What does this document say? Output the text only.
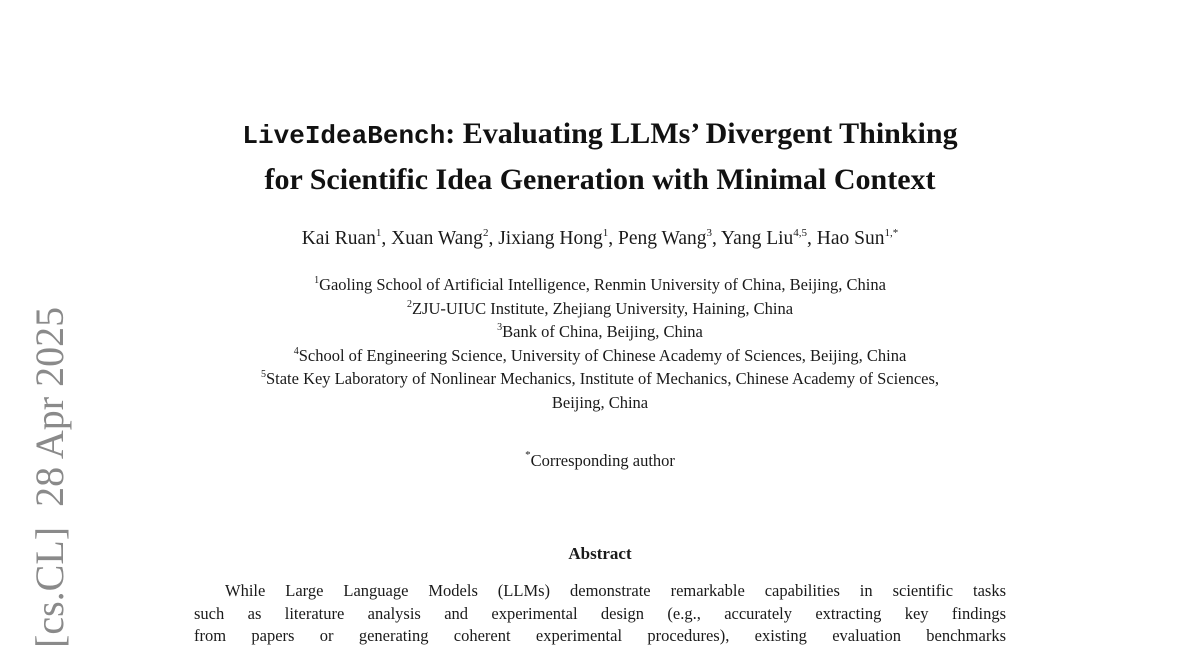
[cs.CL]28 Apr 2025
LiveIdeaBench: Evaluating LLMs’ Divergent Thinking
for Scientific Idea Generation with Minimal Context
Kai Ruan$^1$, Xuan Wang$^2$, Jixiang Hong$^1$, Peng Wang$^3$, Yang Liu$^{4,5}$, Hao Sun$^{1,*}$
$^1$Gaoling School of Artificial Intelligence, Renmin University of China, Beijing, China
$^2$ZJU-UIUC Institute, Zhejiang University, Haining, China
$^3$Bank of China, Beijing, China
$^4$School of Engineering Science, University of Chinese Academy of Sciences, Beijing, China
$^5$State Key Laboratory of Nonlinear Mechanics, Institute of Mechanics, Chinese Academy of Sciences,
Beijing, China
*Corresponding author
Abstract
While Large Language Models (LLMs) demonstrate remarkable capabilities in scientific tasks
such as literature analysis and experimental design (e.g., accurately extracting key findings
from papers or generating coherent experimental procedures), existing evaluation benchmarks
